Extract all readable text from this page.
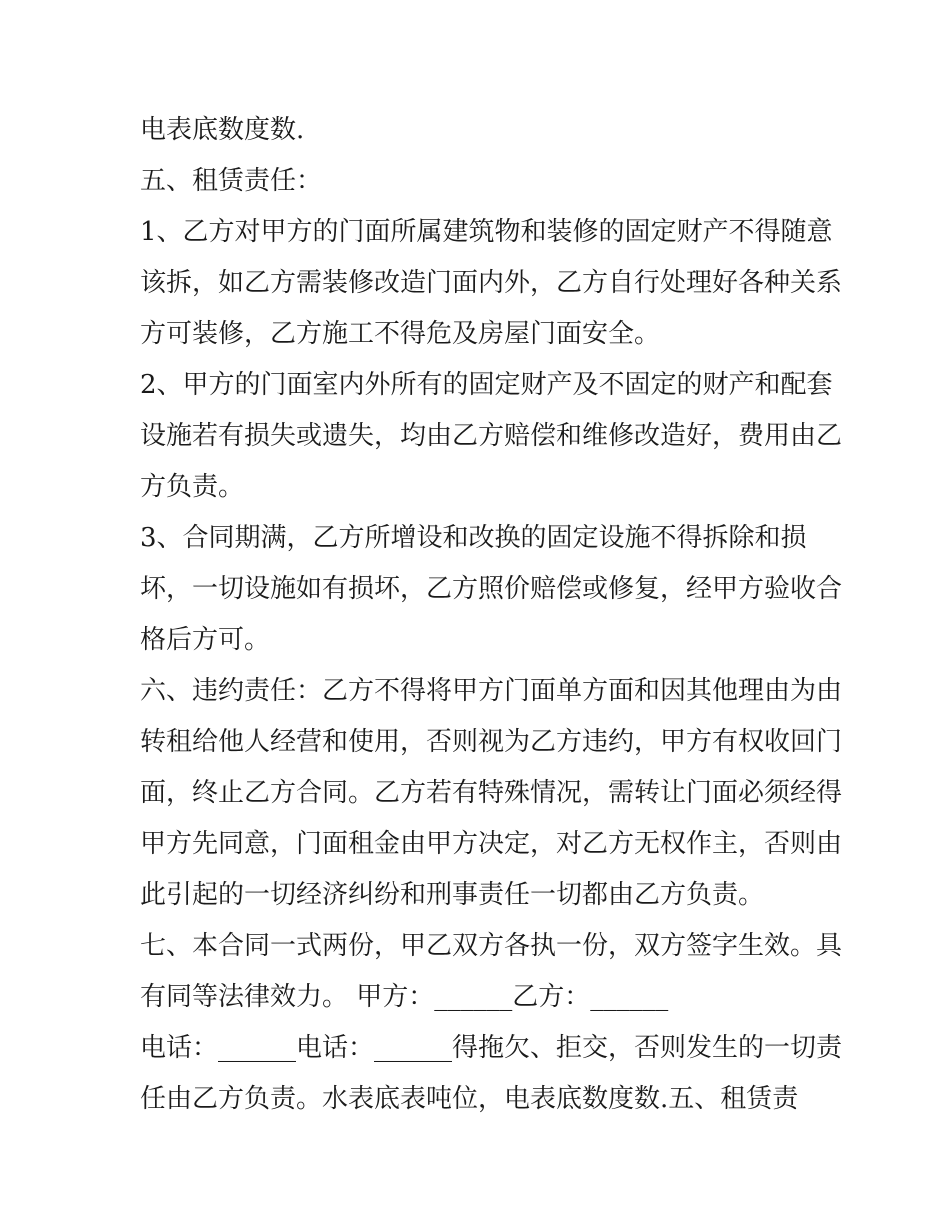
电表底数度数.
五、租赁责任：
1、乙方对甲方的门面所属建筑物和装修的固定财产不得随意
该拆，如乙方需装修改造门面内外，乙方自行处理好各种关系
方可装修，乙方施工不得危及房屋门面安全。
2、甲方的门面室内外所有的固定财产及不固定的财产和配套
设施若有损失或遗失，均由乙方赔偿和维修改造好，费用由乙
方负责。
3、合同期满，乙方所增设和改换的固定设施不得拆除和损
坏，一切设施如有损坏，乙方照价赔偿或修复，经甲方验收合
格后方可。
六、违约责任：乙方不得将甲方门面单方面和因其他理由为由
转租给他人经营和使用，否则视为乙方违约，甲方有权收回门
面，终止乙方合同。乙方若有特殊情况，需转让门面必须经得
甲方先同意，门面租金由甲方决定，对乙方无权作主，否则由
此引起的一切经济纠纷和刑事责任一切都由乙方负责。
七、本合同一式两份，甲乙双方各执一份，双方签字生效。具
有同等法律效力。 甲方：______乙方：______
电话：______电话：______得拖欠、拒交，否则发生的一切责
任由乙方负责。水表底表吨位，电表底数度数.五、租赁责
